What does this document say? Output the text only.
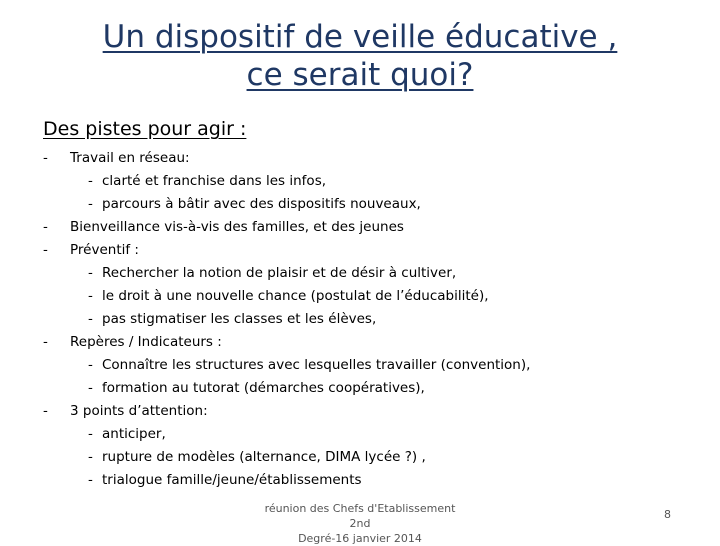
Un dispositif de veille éducative ,
ce serait quoi?
Des pistes pour agir :
- Travail en réseau:
- clarté et franchise dans les infos,
- parcours à bâtir avec des dispositifs nouveaux,
- Bienveillance vis-à-vis des familles, et des jeunes
- Préventif :
- Rechercher la notion de plaisir et de désir à cultiver,
- le droit à une nouvelle chance (postulat de l’éducabilité),
- pas stigmatiser les classes et les élèves,
- Repères / Indicateurs :
- Connaître les structures avec lesquelles travailler (convention),
- formation au tutorat (démarches coopératives),
- 3 points d’attention:
- anticiper,
- rupture de modèles (alternance, DIMA lycée ?) ,
- trialogue famille/jeune/établissements
réunion des Chefs d'Etablissement 2nd
Degré-16 janvier 2014
8
